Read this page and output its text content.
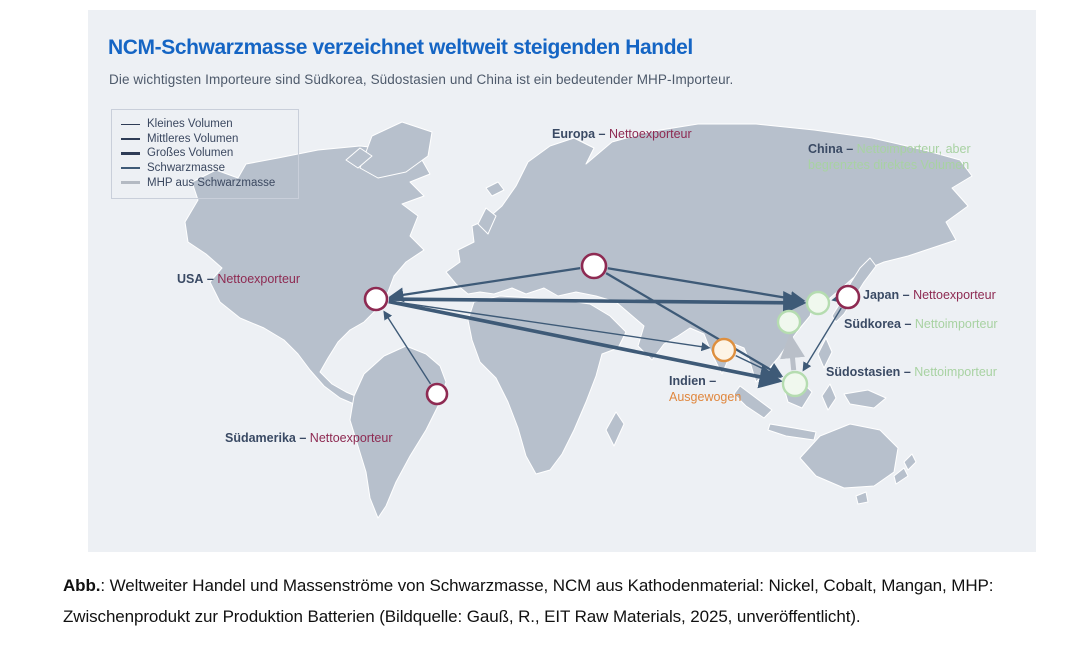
NCM-Schwarzmasse verzeichnet weltweit steigenden Handel

Die wichtigsten Importeure sind Südkorea, Südostasien und China ist ein bedeutender MHP-Importeur.

Kleines Volumen
Mittleres Volumen
Großes Volumen
Schwarzmasse
MHP aus Schwarzmasse
Europa – Nettoexporteur
USA – Nettoexporteur
Südamerika – Nettoexporteur
China – Nettoimporteur, aber begrenztes direktes Volumen
Japan – Nettoexporteur
Südkorea – Nettoimporteur
Südostasien – Nettoimporteur
Indien – Ausgewogen

Abb.: Weltweiter Handel und Massenströme von Schwarzmasse, NCM aus Kathodenmaterial: Nickel, Cobalt, Mangan, MHP: Zwischenprodukt zur Produktion Batterien (Bildquelle: Gauß, R., EIT Raw Materials, 2025, unveröffentlicht).
